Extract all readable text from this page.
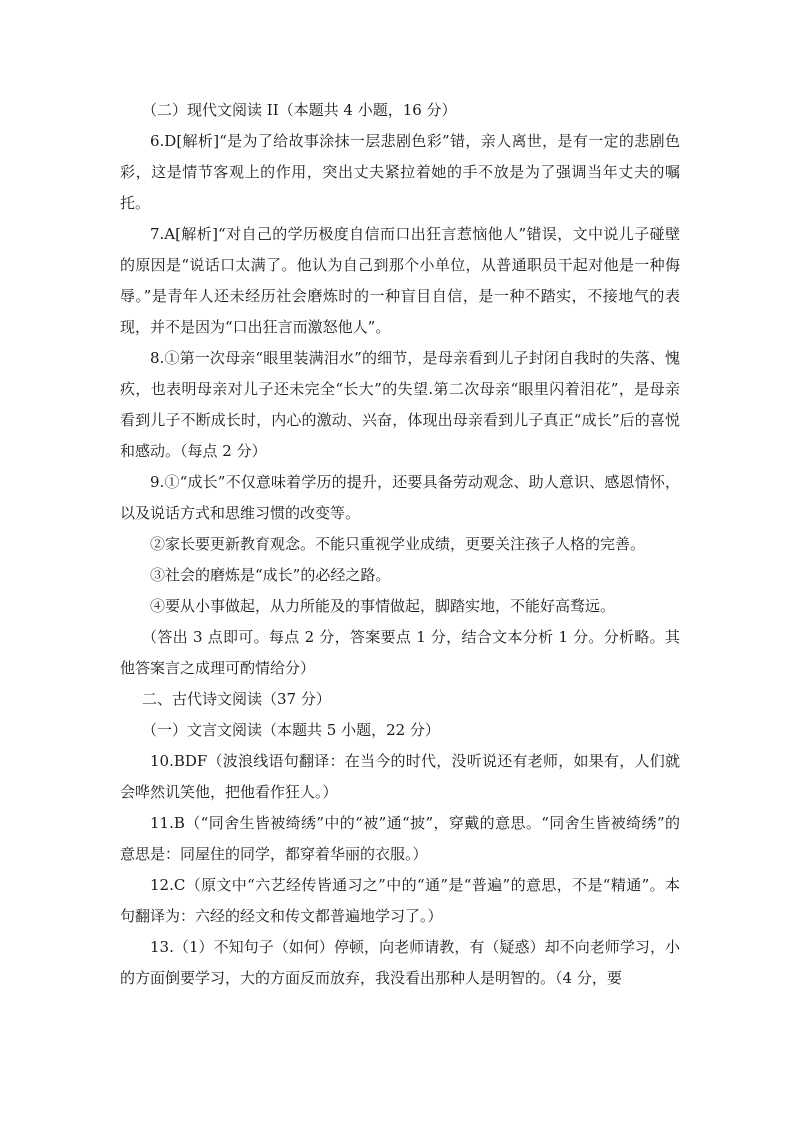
（二）现代文阅读 II（本题共 4 小题，16 分）

6.D[解析]“是为了给故事涂抹一层悲剧色彩”错，亲人离世，是有一定的悲剧色彩，这是情节客观上的作用，突出丈夫紧拉着她的手不放是为了强调当年丈夫的嘱托。

7.A[解析]“对自己的学历极度自信而口出狂言惹恼他人”错误，文中说儿子碰壁的原因是“说话口太满了。他认为自己到那个小单位，从普通职员干起对他是一种侮辱。”是青年人还未经历社会磨炼时的一种盲目自信，是一种不踏实，不接地气的表现，并不是因为“口出狂言而激怒他人”。

8.①第一次母亲“眼里装满泪水”的细节，是母亲看到儿子封闭自我时的失落、愧疚，也表明母亲对儿子还未完全“长大”的失望.第二次母亲“眼里闪着泪花”，是母亲看到儿子不断成长时，内心的激动、兴奋，体现出母亲看到儿子真正“成长”后的喜悦和感动。（每点 2 分）

9.①“成长”不仅意味着学历的提升，还要具备劳动观念、助人意识、感恩情怀，以及说话方式和思维习惯的改变等。

②家长要更新教育观念。不能只重视学业成绩，更要关注孩子人格的完善。

③社会的磨炼是“成长”的必经之路。

④要从小事做起，从力所能及的事情做起，脚踏实地，不能好高骛远。

（答出 3 点即可。每点 2 分，答案要点 1 分，结合文本分析 1 分。分析略。其他答案言之成理可酌情给分）

二、古代诗文阅读（37 分）

（一）文言文阅读（本题共 5 小题，22 分）

10.BDF（波浪线语句翻译：在当今的时代，没听说还有老师，如果有，人们就会哗然讥笑他，把他看作狂人。）

11.B（“同舍生皆被绮绣”中的“被”通“披”，穿戴的意思。“同舍生皆被绮绣”的意思是：同屋住的同学，都穿着华丽的衣服。）

12.C（原文中“六艺经传皆通习之”中的“通”是“普遍”的意思，不是“精通”。本句翻译为：六经的经文和传文都普遍地学习了。）

13.（1）不知句子（如何）停顿，向老师请教，有（疑惑）却不向老师学习，小的方面倒要学习，大的方面反而放弃，我没看出那种人是明智的。（4 分，要
